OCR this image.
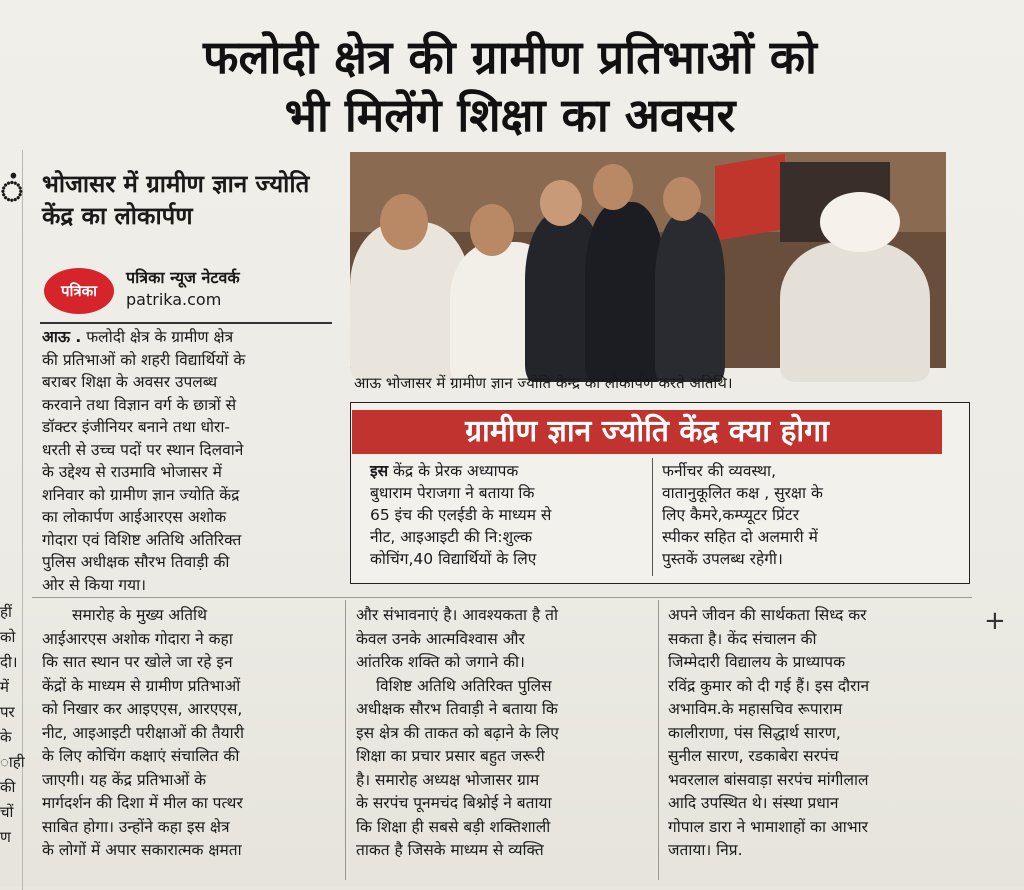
फलोदी क्षेत्र की ग्रामीण प्रतिभाओं को
भी मिलेंगे शिक्षा का अवसर
ं
हीं
को
दी।
में
पर
के
ाही
की
चों
ण
भोजासर में ग्रामीण ज्ञान ज्योति केंद्र का लोकार्पण
पत्रिका
पत्रिका न्यूज नेटवर्क
patrika.com
आऊ . फलोदी क्षेत्र के ग्रामीण क्षेत्र
की प्रतिभाओं को शहरी विद्यार्थियों के
बराबर शिक्षा के अवसर उपलब्ध
करवाने तथा विज्ञान वर्ग के छात्रों से
डॉक्टर इंजीनियर बनाने तथा धोरा-
धरती से उच्च पदों पर स्थान दिलवाने
के उद्देश्य से राउमावि भोजासर में
शनिवार को ग्रामीण ज्ञान ज्योति केंद्र
का लोकार्पण आईआरएस अशोक
गोदारा एवं विशिष्ट अतिथि अतिरिक्त
पुलिस अधीक्षक सौरभ तिवाड़ी की
ओर से किया गया।
आऊ भोजासर में ग्रामीण ज्ञान ज्योति केन्द्र का लोकार्पण करते अतिथि।
ग्रामीण ज्ञान ज्योति केंद्र क्या होगा
इस केंद्र के प्रेरक अध्यापक
बुधाराम पेराजगा ने बताया कि
65 इंच की एलईडी के माध्यम से
नीट, आइआइटी की नि:शुल्क
कोचिंग,40 विद्यार्थियों के लिए
फर्नीचर की व्यवस्था,
वातानुकूलित कक्ष , सुरक्षा के
लिए कैमरे,कम्प्यूटर प्रिंटर
स्पीकर सहित दो अलमारी में
पुस्तकें उपलब्ध रहेगी।
समारोह के मुख्य अतिथि
आईआरएस अशोक गोदारा ने कहा
कि सात स्थान पर खोले जा रहे इन
केंद्रों के माध्यम से ग्रामीण प्रतिभाओं
को निखार कर आइएएस, आरएएस,
नीट, आइआइटी परीक्षाओं की तैयारी
के लिए कोचिंग कक्षाएं संचालित की
जाएगी। यह केंद्र प्रतिभाओं के
मार्गदर्शन की दिशा में मील का पत्थर
साबित होगा। उन्होंने कहा इस क्षेत्र
के लोगों में अपार सकारात्मक क्षमता
और संभावनाएं है। आवश्यकता है तो
केवल उनके आत्मविश्वास और
आंतरिक शक्ति को जगाने की।
विशिष्ट अतिथि अतिरिक्त पुलिस
अधीक्षक सौरभ तिवाड़ी ने बताया कि
इस क्षेत्र की ताकत को बढ़ाने के लिए
शिक्षा का प्रचार प्रसार बहुत जरूरी
है। समारोह अध्यक्ष भोजासर ग्राम
के सरपंच पूनमचंद बिश्नोई ने बताया
कि शिक्षा ही सबसे बड़ी शक्तिशाली
ताकत है जिसके माध्यम से व्यक्ति
अपने जीवन की सार्थकता सिध्द कर
सकता है। केंद संचालन की
जिम्मेदारी विद्यालय के प्राध्यापक
रविंद्र कुमार को दी गई हैं। इस दौरान
अभाविम.के महासचिव रूपाराम
कालीराणा, पंस सिद्धार्थ सारण,
सुनील सारण, रडकाबेरा सरपंच
भवरलाल बांसवाड़ा सरपंच मांगीलाल
आदि उपस्थित थे। संस्था प्रधान
गोपाल डारा ने भामाशाहों का आभार
जताया। निप्र.
+
